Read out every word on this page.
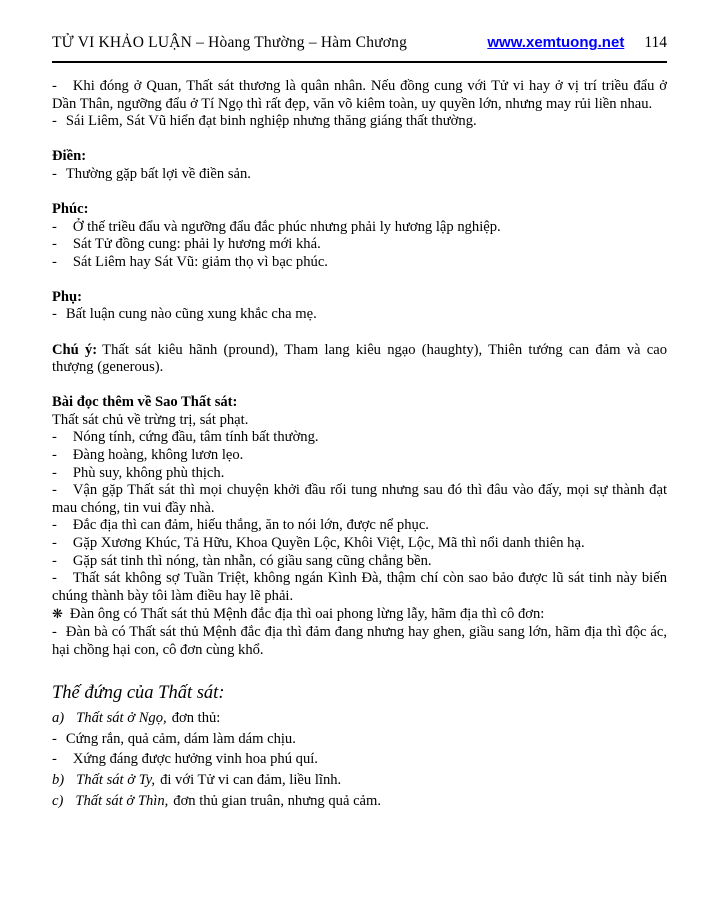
TỬ VI KHẢO LUẬN – Hòang Thường – Hàm Chương	www.xemtuong.net 114

- Khi đóng ở Quan, Thất sát thương là quân nhân. Nếu đồng cung với Tử vi hay ở vị trí triều đẩu ở Dần Thân, ngưỡng đẩu ở Tí Ngọ thì rất đẹp, văn võ kiêm toàn, uy quyền lớn, nhưng may rủi liền nhau.

- Sái Liêm, Sát Vũ hiển đạt binh nghiệp nhưng thăng giáng thất thường.

Điền:

- Thường gặp bất lợi về điền sản.

Phúc:

- Ở thế triều đẩu và ngưỡng đẩu đắc phúc nhưng phải ly hương lập nghiệp.

- Sát Tử đồng cung: phải ly hương mới khá.

- Sát Liêm hay Sát Vũ: giảm thọ vì bạc phúc.

Phụ:

- Bất luận cung nào cũng xung khắc cha mẹ.

Chú ý: Thất sát kiêu hãnh (pround), Tham lang kiêu ngạo (haughty), Thiên tướng can đảm và cao thượng (generous).

Bài đọc thêm về Sao Thất sát:

Thất sát chủ về trừng trị, sát phạt.

- Nóng tính, cứng đầu, tâm tính bất thường.

- Đàng hoàng, không lươn lẹo.

- Phù suy, không phù thịch.

- Vận gặp Thất sát thì mọi chuyện khởi đầu rối tung nhưng sau đó thì đâu vào đấy, mọi sự thành đạt mau chóng, tin vui đầy nhà.

- Đắc địa thì can đảm, hiếu thắng, ăn to nói lớn, được nể phục.

- Gặp Xương Khúc, Tả Hữu, Khoa Quyền Lộc, Khôi Việt, Lộc, Mã thì nổi danh thiên hạ.

- Gặp sát tinh thì nóng, tàn nhẫn, có giầu sang cũng chẳng bền.

- Thất sát không sợ Tuần Triệt, không ngán Kình Đà, thậm chí còn sao bảo được lũ sát tinh này biến chúng thành bày tôi làm điều hay lẽ phải.

❋ Đàn ông có Thất sát thủ Mệnh đắc địa thì oai phong lừng lẫy, hãm địa thì cô đơn:

- Đàn bà có Thất sát thủ Mệnh đắc địa thì đảm đang nhưng hay ghen, giầu sang lớn, hãm địa thì độc ác, hại chồng hại con, cô đơn cùng khổ.

Thế đứng của Thất sát:

a) Thất sát ở Ngọ, đơn thủ:

- Cứng rắn, quả cảm, dám làm dám chịu.

- Xứng đáng được hưởng vinh hoa phú quí.

b) Thất sát ở Ty, đi với Tử vi can đảm, liều lĩnh.

c) Thất sát ở Thìn, đơn thủ gian truân, nhưng quả cảm.
